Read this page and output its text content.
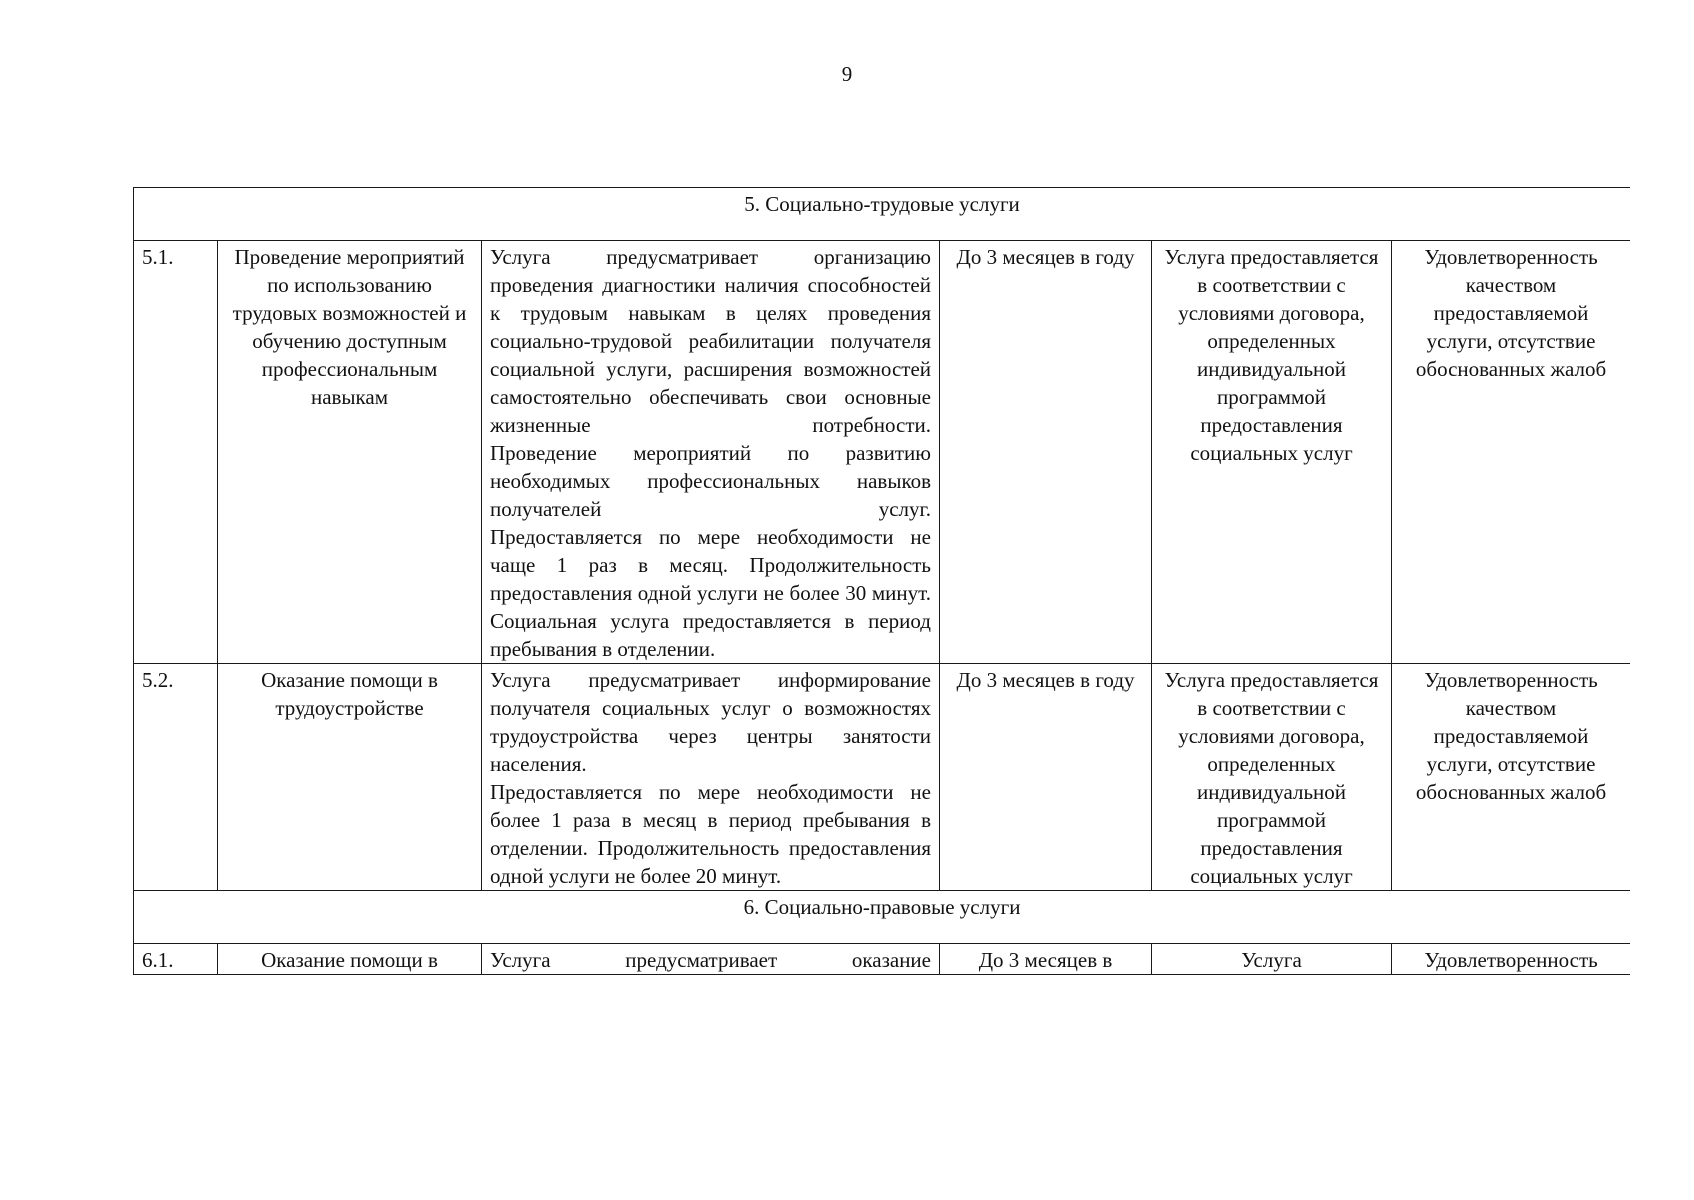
9
5. Социально-трудовые услуги					
5.1.	Проведение мероприятий по использованию трудовых возможностей и обучению доступным профессиональным навыкам	Услуга предусматривает организацию проведения диагностики наличия способностей к трудовым навыкам в целях проведения социально-трудовой реабилитации получателя социальной услуги, расширения возможностей самостоятельно обеспечивать свои основные жизненные потребности.
Проведение мероприятий по развитию необходимых профессиональных навыков получателей услуг.
Предоставляется по мере необходимости не чаще 1 раз в месяц. Продолжительность предоставления одной услуги не более 30 минут. Социальная услуга предоставляется в период пребывания в отделении.	До 3 месяцев в году	Услуга предоставляется в соответствии с условиями договора, определенных индивидуальной программой предоставления социальных услуг	Удовлетворенность качеством предоставляемой услуги, отсутствие обоснованных жалоб
5.2.	Оказание помощи в трудоустройстве	Услуга предусматривает информирование получателя социальных услуг о возможностях трудоустройства через центры занятости населения.
Предоставляется по мере необходимости не более 1 раза в месяц в период пребывания в отделении. Продолжительность предоставления одной услуги не более 20 минут.	До 3 месяцев в году	Услуга предоставляется в соответствии с условиями договора, определенных индивидуальной программой предоставления социальных услуг	Удовлетворенность качеством предоставляемой услуги, отсутствие обоснованных жалоб
6. Социально-правовые услуги					
6.1.	Оказание помощи в	Услуга предусматривает оказание	До 3 месяцев в	Услуга	Удовлетворенность
